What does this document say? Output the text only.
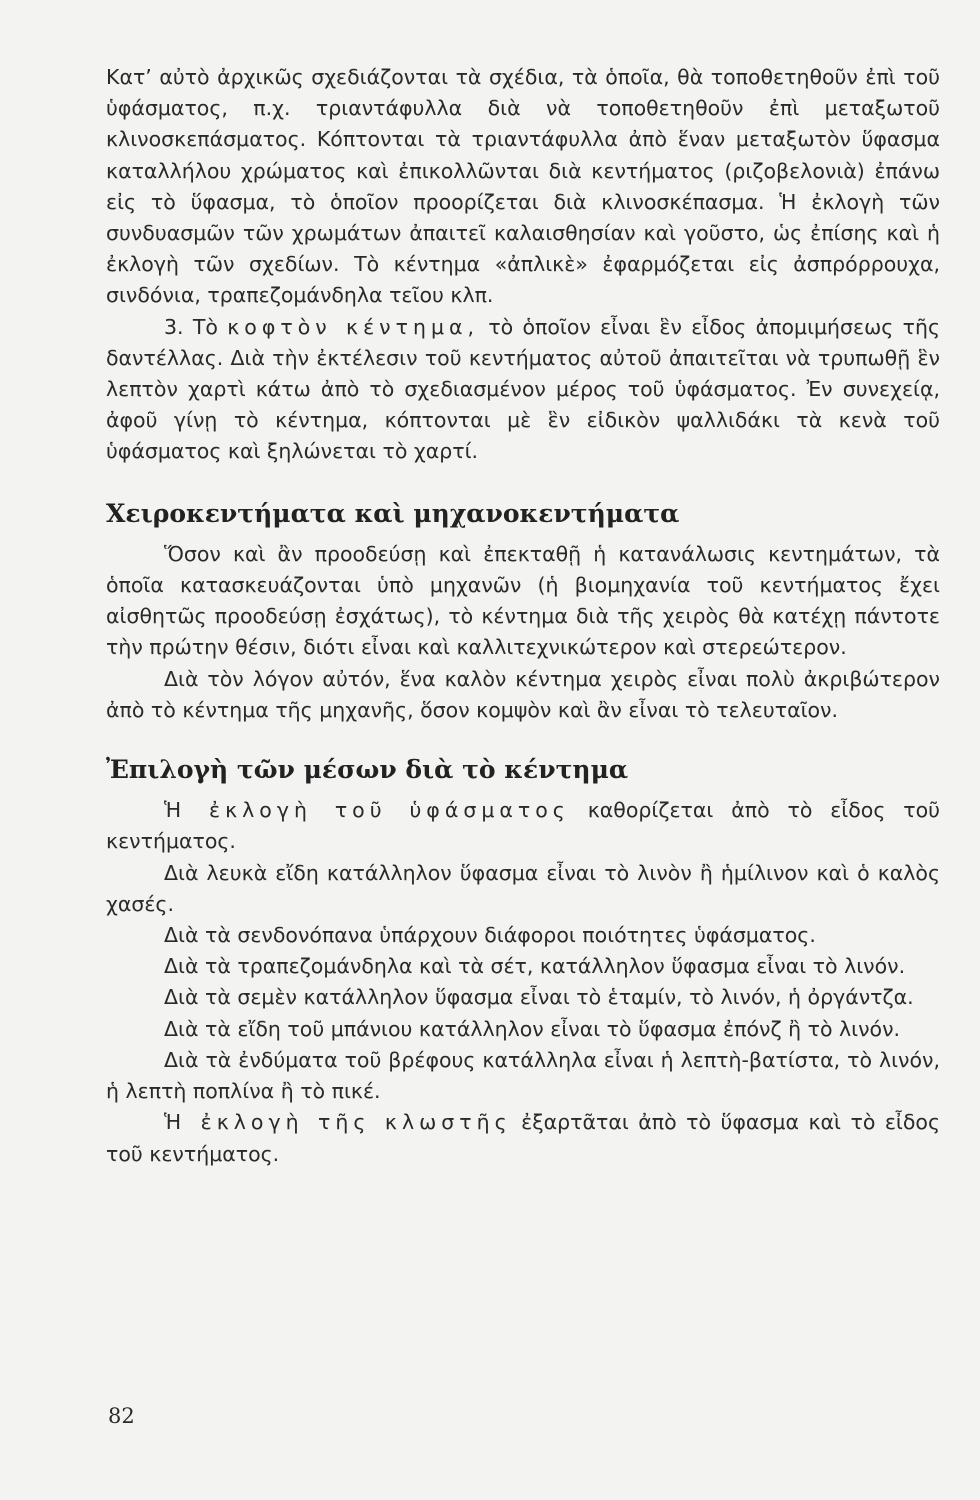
Κατ’ αὐτὸ ἀρχικῶς σχεδιάζονται τὰ σχέδια, τὰ ὁποῖα, θὰ τοποθετηθοῦν ἐπὶ τοῦ ὑφάσματος, π.χ. τριαντάφυλλα διὰ νὰ τοποθετηθοῦν ἐπὶ μεταξωτοῦ κλινοσκεπάσματος. Κόπτονται τὰ τριαντάφυλλα ἀπὸ ἕναν μεταξωτὸν ὕφασμα καταλλήλου χρώματος καὶ ἐπικολλῶνται διὰ κεντήματος (ριζοβελονιὰ) ἐπάνω εἰς τὸ ὕφασμα, τὸ ὁποῖον προορίζεται διὰ κλινοσκέπασμα. Ἡ ἐκλογὴ τῶν συνδυασμῶν τῶν χρωμάτων ἀπαιτεῖ καλαισθησίαν καὶ γοῦστο, ὡς ἐπίσης καὶ ἡ ἐκλογὴ τῶν σχεδίων. Τὸ κέντημα «ἀπλικὲ» ἐφαρμόζεται εἰς ἀσπρόρρουχα, σινδόνια, τραπεζομάνδηλα τεῖου κλπ.

3. Τὸ κοφτὸν κέντημα, τὸ ὁποῖον εἶναι ἓν εἶδος ἀπομιμήσεως τῆς δαντέλλας. Διὰ τὴν ἐκτέλεσιν τοῦ κεντήματος αὐτοῦ ἀπαιτεῖται νὰ τρυπωθῇ ἓν λεπτὸν χαρτὶ κάτω ἀπὸ τὸ σχεδιασμένον μέρος τοῦ ὑφάσματος. Ἐν συνεχείᾳ, ἀφοῦ γίνῃ τὸ κέντημα, κόπτονται μὲ ἓν εἰδικὸν ψαλλιδάκι τὰ κενὰ τοῦ ὑφάσματος καὶ ξηλώνεται τὸ χαρτί.

Χειροκεντήματα καὶ μηχανοκεντήματα

Ὅσον καὶ ἂν προοδεύσῃ καὶ ἐπεκταθῇ ἡ κατανάλωσις κεντημάτων, τὰ ὁποῖα κατασκευάζονται ὑπὸ μηχανῶν (ἡ βιομηχανία τοῦ κεντήματος ἔχει αἰσθητῶς προοδεύσῃ ἐσχάτως), τὸ κέντημα διὰ τῆς χειρὸς θὰ κατέχῃ πάντοτε τὴν πρώτην θέσιν, διότι εἶναι καὶ καλλιτεχνικώτερον καὶ στερεώτερον.

Διὰ τὸν λόγον αὐτόν, ἕνα καλὸν κέντημα χειρὸς εἶναι πολὺ ἀκριβώτερον ἀπὸ τὸ κέντημα τῆς μηχανῆς, ὅσον κομψὸν καὶ ἂν εἶναι τὸ τελευταῖον.

Ἐπιλογὴ τῶν μέσων διὰ τὸ κέντημα

Ἡ ἐκλογὴ τοῦ ὑφάσματος καθορίζεται ἀπὸ τὸ εἶδος τοῦ κεντήματος.

Διὰ λευκὰ εἴδη κατάλληλον ὕφασμα εἶναι τὸ λινὸν ἢ ἡμίλινον καὶ ὁ καλὸς χασές.

Διὰ τὰ σενδονόπανα ὑπάρχουν διάφοροι ποιότητες ὑφάσματος.

Διὰ τὰ τραπεζομάνδηλα καὶ τὰ σέτ, κατάλληλον ὕφασμα εἶναι τὸ λινόν.

Διὰ τὰ σεμὲν κατάλληλον ὕφασμα εἶναι τὸ ἑταμίν, τὸ λινόν, ἡ ὀργάντζα.

Διὰ τὰ εἴδη τοῦ μπάνιου κατάλληλον εἶναι τὸ ὕφασμα ἐπόνζ ἢ τὸ λινόν.

Διὰ τὰ ἐνδύματα τοῦ βρέφους κατάλληλα εἶναι ἡ λεπτὴ-βατίστα, τὸ λινόν, ἡ λεπτὴ ποπλίνα ἢ τὸ πικέ.

Ἡ ἐκλογὴ τῆς κλωστῆς ἐξαρτᾶται ἀπὸ τὸ ὕφασμα καὶ τὸ εἶδος τοῦ κεντήματος.

82
